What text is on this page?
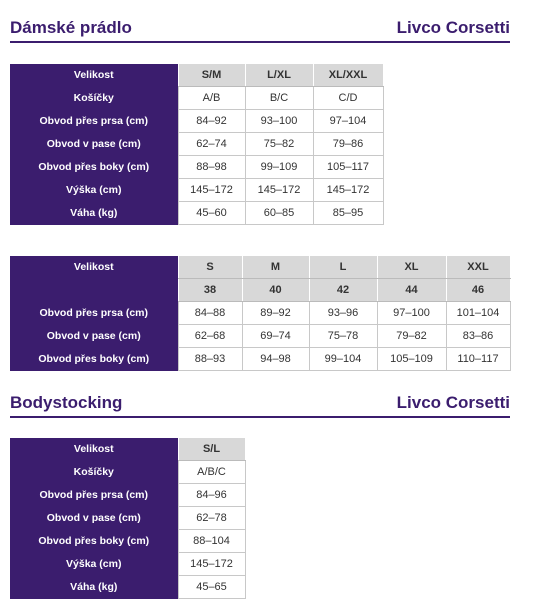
Dámské prádlo	Livco Corsetti
Velikost	S/M	L/XL	XL/XXL
Košíčky	A/B	B/C	C/D
Obvod přes prsa (cm)	84–92	93–100	97–104
Obvod v pase (cm)	62–74	75–82	79–86
Obvod přes boky (cm)	88–98	99–109	105–117
Výška (cm)	145–172	145–172	145–172
Váha (kg)	45–60	60–85	85–95
Velikost	S	M	L	XL	XXL
	38	40	42	44	46
Obvod přes prsa (cm)	84–88	89–92	93–96	97–100	101–104
Obvod v pase (cm)	62–68	69–74	75–78	79–82	83–86
Obvod přes boky (cm)	88–93	94–98	99–104	105–109	110–117
Bodystocking	Livco Corsetti
Velikost	S/L
Košíčky	A/B/C
Obvod přes prsa (cm)	84–96
Obvod v pase (cm)	62–78
Obvod přes boky (cm)	88–104
Výška (cm)	145–172
Váha (kg)	45–65
